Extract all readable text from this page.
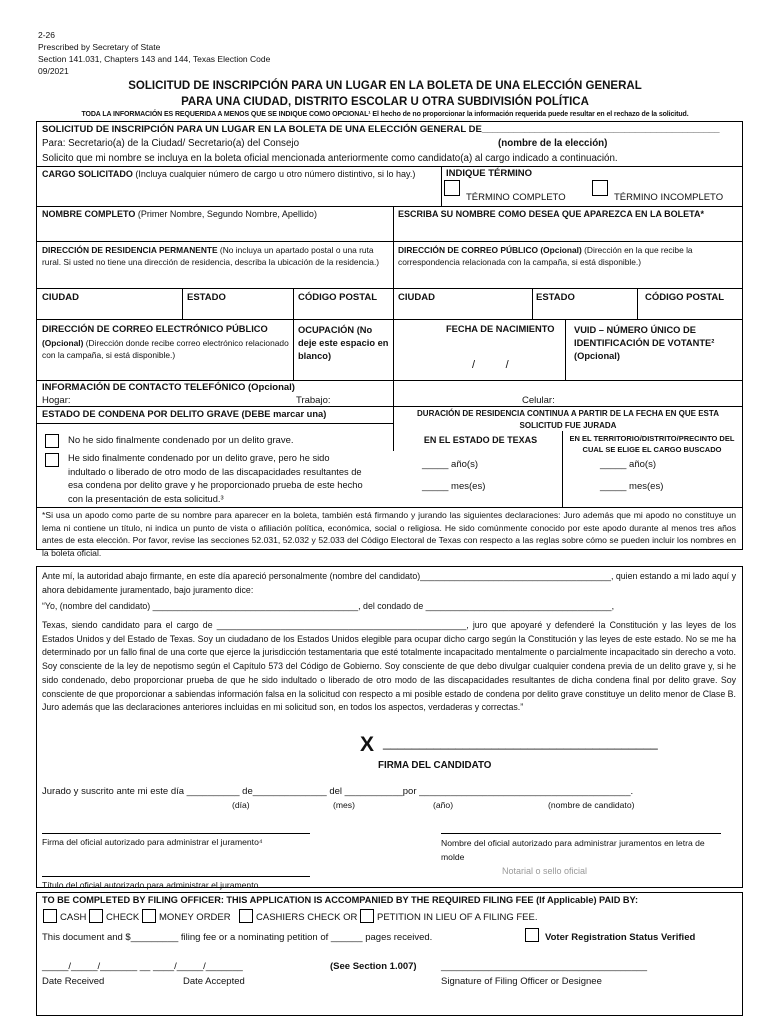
2-26
Prescribed by Secretary of State
Section 141.031, Chapters 143 and 144, Texas Election Code
09/2021
SOLICITUD DE INSCRIPCIÓN PARA UN LUGAR EN LA BOLETA DE UNA ELECCIÓN GENERAL
PARA UNA CIUDAD, DISTRITO ESCOLAR U OTRA SUBDIVISIÓN POLÍTICA
TODA LA INFORMACIÓN ES REQUERIDA A MENOS QUE SE INDIQUE COMO OPCIONAL¹ El hecho de no proporcionar la información requerida puede resultar en el rechazo de la solicitud.
SOLICITUD DE INSCRIPCIÓN PARA UN LUGAR EN LA BOLETA DE UNA ELECCIÓN GENERAL DE_____________________________________________
Para: Secretario(a) de la Ciudad/ Secretario(a) del Consejo	(nombre de la elección)
Solicito que mi nombre se incluya en la boleta oficial mencionada anteriormente como candidato(a) al cargo indicado a continuación.
CARGO SOLICITADO (Incluya cualquier número de cargo u otro número distintivo, si lo hay.)	INDIQUE TÉRMINO
TÉRMINO COMPLETO	TÉRMINO INCOMPLETO
NOMBRE COMPLETO (Primer Nombre, Segundo Nombre, Apellido)	ESCRIBA SU NOMBRE COMO DESEA QUE APAREZCA EN LA BOLETA*
DIRECCIÓN DE RESIDENCIA PERMANENTE (No incluya un apartado postal o una ruta rural. Si usted no tiene una dirección de residencia, describa la ubicación de la residencia.)
DIRECCIÓN DE CORREO PÚBLICO (Opcional) (Dirección en la que recibe la correspondencia relacionada con la campaña, si está disponible.)
CIUDAD	ESTADO	CÓDIGO POSTAL CIUDAD	ESTADO	CÓDIGO POSTAL
DIRECCIÓN DE CORREO ELECTRÓNICO PÚBLICO
(Opcional) (Dirección donde recibe correo electrónico relacionado con la campaña, si está disponible.)
OCUPACIÓN (No deje este espacio en blanco)
FECHA DE NACIMIENTO
/          /
VUID – NÚMERO ÚNICO DE IDENTIFICACIÓN DE VOTANTE²
(Opcional)
INFORMACIÓN DE CONTACTO TELEFÓNICO (Opcional)
Hogar:	Trabajo:	Celular:
ESTADO DE CONDENA POR DELITO GRAVE (DEBE marcar una)	DURACIÓN DE RESIDENCIA CONTINUA A PARTIR DE LA FECHA EN QUE ESTA SOLICITUD FUE JURADA
No he sido finalmente condenado por un delito grave.
He sido finalmente condenado por un delito grave, pero he sido indultado o liberado de otro modo de las discapacidades resultantes de esa condena por delito grave y he proporcionado prueba de este hecho con la presentación de esta solicitud.³
EN EL ESTADO DE TEXAS	EN EL TERRITORIO/DISTRITO/PRECINTO DEL CUAL SE ELIGE EL CARGO BUSCADO
_____ año(s)
_____ mes(es)
_____ año(s)
_____ mes(es)
*Si usa un apodo como parte de su nombre para aparecer en la boleta, también está firmando y jurando las siguientes declaraciones: Juro además que mi apodo no constituye un lema ni contiene un título, ni indica un punto de vista o afiliación política, económica, social o religiosa. He sido comúnmente conocido por este apodo durante al menos tres años antes de esta elección. Por favor, revise las secciones 52.031, 52.032 y 52.033 del Código Electoral de Texas con respecto a las reglas sobre cómo se pueden incluir los nombres en la boleta oficial.
Ante mí, la autoridad abajo firmante, en este día apareció personalmente (nombre del candidato)_______________________________________, quien estando a mi lado aquí y ahora debidamente juramentado, bajo juramento dice:
“Yo, (nombre del candidato) __________________________________________, del condado de ______________________________________,
Texas, siendo candidato para el cargo de ___________________________________________________, juro que apoyaré y defenderé la Constitución y las leyes de los Estados Unidos y del Estado de Texas. Soy un ciudadano de los Estados Unidos elegible para ocupar dicho cargo según la Constitución y las leyes de este estado. No se me ha determinado por un fallo final de una corte que ejerce la jurisdicción testamentaria que esté totalmente incapacitado mentalmente o parcialmente incapacitado sin derecho a voto. Soy consciente de la ley de nepotismo según el Capítulo 573 del Código de Gobierno. Soy consciente de que debo divulgar cualquier condena previa de un delito grave y, si he sido condenado, debo proporcionar prueba de que he sido indultado o liberado de otro modo de las discapacidades resultantes de dicha condena final por delito grave. Soy consciente de que proporcionar a sabiendas información falsa en la solicitud con respecto a mi posible estado de condena por delito grave constituye un delito menor de Clase B. Juro además que las declaraciones anteriores incluidas en mi solicitud son, en todos los aspectos, verdaderas y correctas.”
X ______________________________________
FIRMA DEL CANDIDATO
Jurado y suscrito ante mi este día __________ de______________ del ___________por ________________________________________.
(día)	(mes)	(año)	(nombre de candidato)
Firma del oficial autorizado para administrar el juramento⁴	Nombre del oficial autorizado para administrar juramentos en letra de molde
Notarial o sello oficial
Título del oficial autorizado para administrar el juramento
TO BE COMPLETED BY FILING OFFICER: THIS APPLICATION IS ACCOMPANIED BY THE REQUIRED FILING FEE (If Applicable) PAID BY:
CASH CHECK MONEY ORDER	CASHIERS CHECK OR PETITION IN LIEU OF A FILING FEE.
This document and $_________ filing fee or a nominating petition of ______ pages received.	Voter Registration Status Verified
_____/_____/_______ __ ____/_____/_______	(See Section 1.007)	_______________________________________
Date Received	Date Accepted	Signature of Filing Officer or Designee
